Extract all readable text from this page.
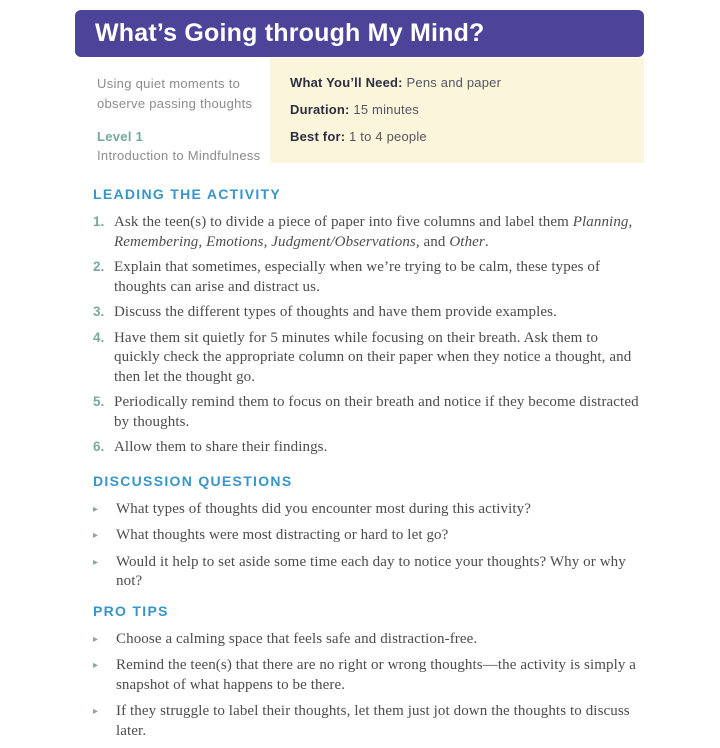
What’s Going through My Mind?

Using quiet moments to observe passing thoughts

Level 1

Introduction to Mindfulness

What You’ll Need: Pens and paper

Duration: 15 minutes

Best for: 1 to 4 people

LEADING THE ACTIVITY
1. Ask the teen(s) to divide a piece of paper into five columns and label them Planning, Remembering, Emotions, Judgment/Observations, and Other.
2. Explain that sometimes, especially when we’re trying to be calm, these types of thoughts can arise and distract us.
3. Discuss the different types of thoughts and have them provide examples.
4. Have them sit quietly for 5 minutes while focusing on their breath. Ask them to quickly check the appropriate column on their paper when they notice a thought, and then let the thought go.
5. Periodically remind them to focus on their breath and notice if they become distracted by thoughts.
6. Allow them to share their findings.
DISCUSSION QUESTIONS
▸	What types of thoughts did you encounter most during this activity?
▸	What thoughts were most distracting or hard to let go?
▸	Would it help to set aside some time each day to notice your thoughts? Why or why not?
PRO TIPS
▸	Choose a calming space that feels safe and distraction-free.
▸	Remind the teen(s) that there are no right or wrong thoughts—the activity is simply a snapshot of what happens to be there.
▸	If they struggle to label their thoughts, let them just jot down the thoughts to discuss later.
